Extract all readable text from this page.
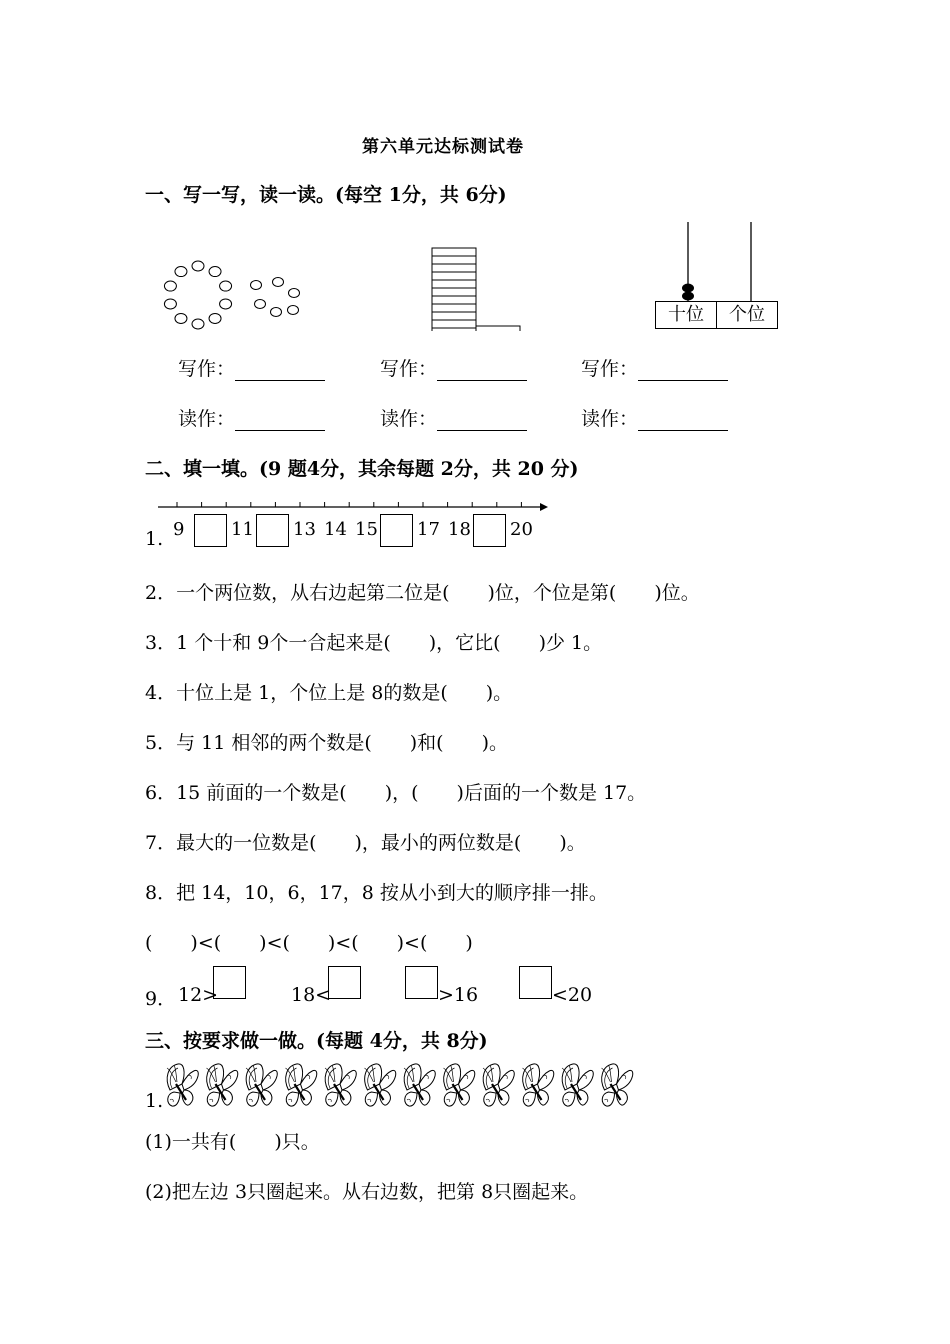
第六单元达标测试卷
一、写一写，读一读。(每空 1分，共 6分)
十位	个位
写作：	写作：	写作：
读作：	读作：	读作：
二、填一填。(9 题4分，其余每题 2分，共 20 分)
1. 9	11 13 14 15 17 18 20
2．一个两位数，从右边起第二位是(　　)位，个位是第(　　)位。
3．1 个十和 9个一合起来是(　　)，它比(　　)少 1。
4．十位上是 1，个位上是 8的数是(　　)。
5．与 11 相邻的两个数是(　　)和(　　)。
6．15 前面的一个数是(　　)，(　　)后面的一个数是 17。
7．最大的一位数是(　　)，最小的两位数是(　　)。
8．把 14，10，6，17，8 按从小到大的顺序排一排。
(　　)<(　　)<(　　)<(　　)<(　　)
9． 12>	18<	>16	<20
三、按要求做一做。(每题 4分，共 8分)
1.
(1)一共有(　　)只。
(2)把左边 3只圈起来。从右边数，把第 8只圈起来。
